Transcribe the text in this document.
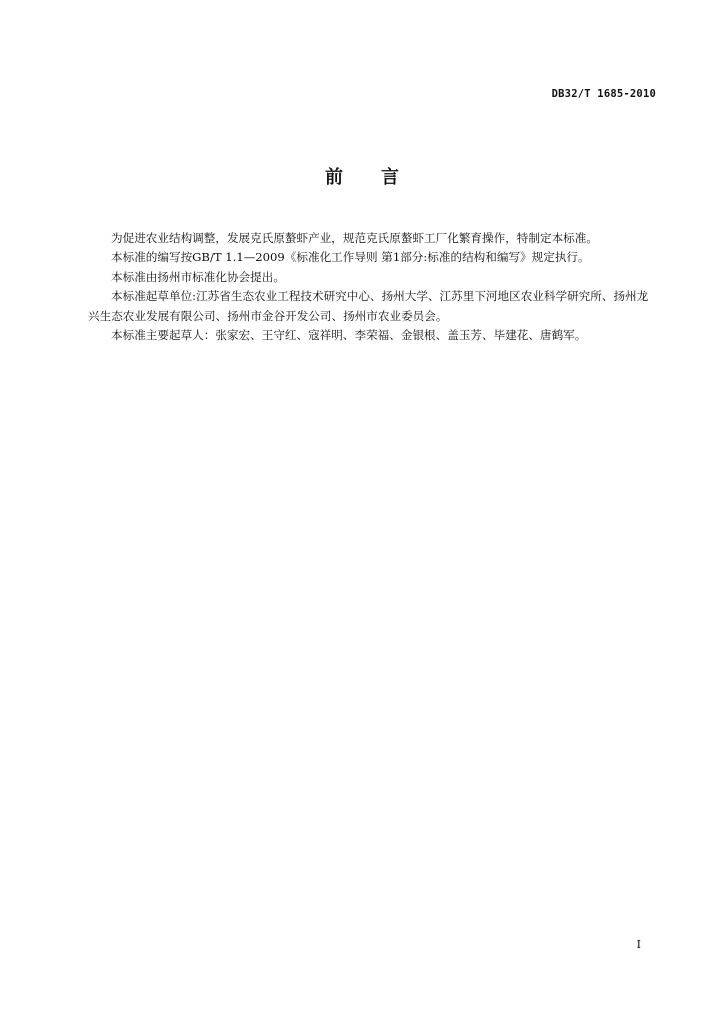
DB32/T 1685-2010
前 言

为促进农业结构调整，发展克氏原螯虾产业，规范克氏原螯虾工厂化繁育操作，特制定本标准。

本标准的编写按GB/T 1.1—2009《标准化工作导则 第1部分:标准的结构和编写》规定执行。

本标准由扬州市标准化协会提出。

本标准起草单位:江苏省生态农业工程技术研究中心、扬州大学、江苏里下河地区农业科学研究所、扬州龙兴生态农业发展有限公司、扬州市金谷开发公司、扬州市农业委员会。

本标准主要起草人：张家宏、王守红、寇祥明、李荣福、金银根、盖玉芳、毕建花、唐鹤军。

I
